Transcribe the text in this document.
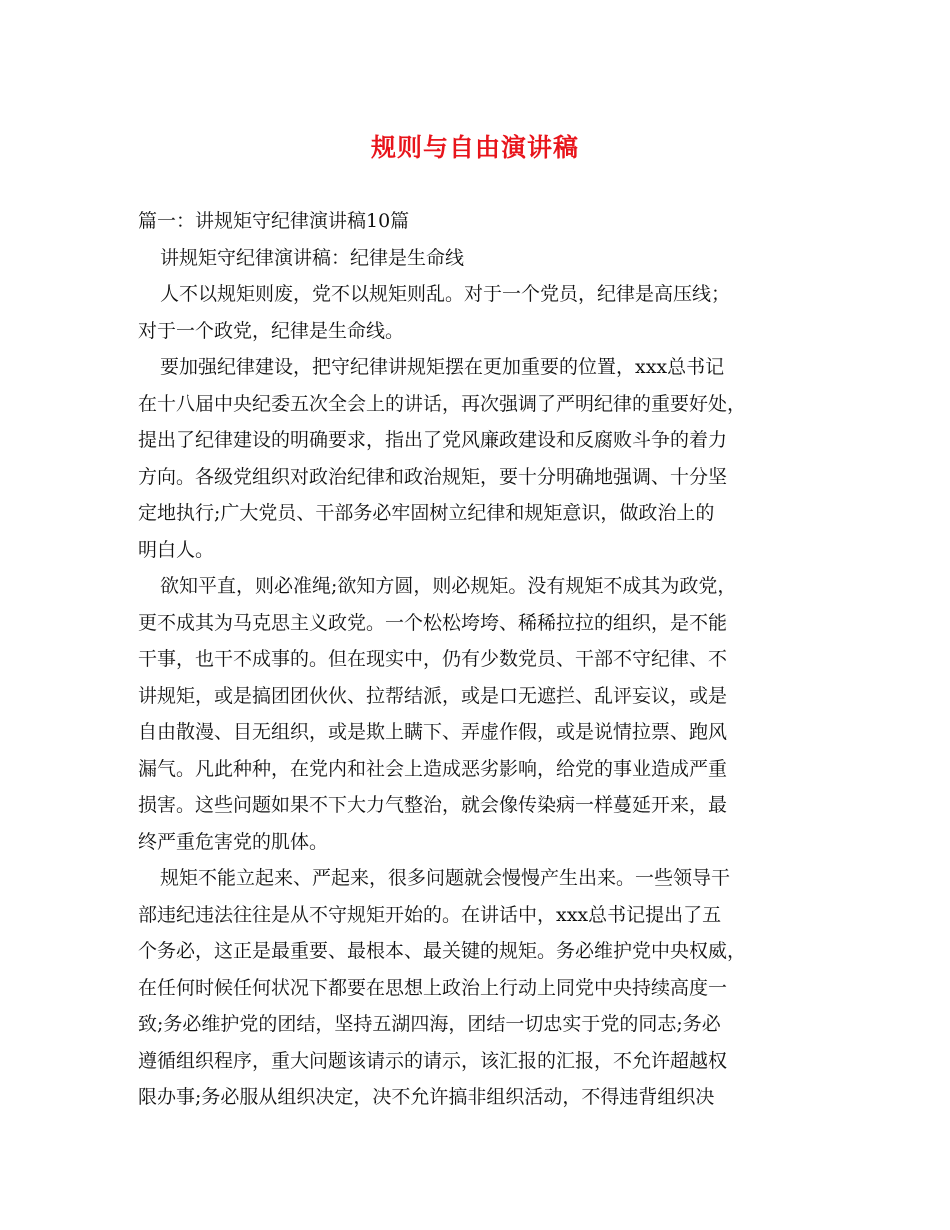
规则与自由演讲稿
篇一：讲规矩守纪律演讲稿10篇
讲规矩守纪律演讲稿：纪律是生命线
人不以规矩则废，党不以规矩则乱。对于一个党员，纪律是高压线；
对于一个政党，纪律是生命线。
要加强纪律建设，把守纪律讲规矩摆在更加重要的位置，xxx总书记
在十八届中央纪委五次全会上的讲话，再次强调了严明纪律的重要好处，
提出了纪律建设的明确要求，指出了党风廉政建设和反腐败斗争的着力
方向。各级党组织对政治纪律和政治规矩，要十分明确地强调、十分坚
定地执行;广大党员、干部务必牢固树立纪律和规矩意识，做政治上的
明白人。
欲知平直，则必准绳;欲知方圆，则必规矩。没有规矩不成其为政党，
更不成其为马克思主义政党。一个松松垮垮、稀稀拉拉的组织，是不能
干事，也干不成事的。但在现实中，仍有少数党员、干部不守纪律、不
讲规矩，或是搞团团伙伙、拉帮结派，或是口无遮拦、乱评妄议，或是
自由散漫、目无组织，或是欺上瞒下、弄虚作假，或是说情拉票、跑风
漏气。凡此种种，在党内和社会上造成恶劣影响，给党的事业造成严重
损害。这些问题如果不下大力气整治，就会像传染病一样蔓延开来，最
终严重危害党的肌体。
规矩不能立起来、严起来，很多问题就会慢慢产生出来。一些领导干
部违纪违法往往是从不守规矩开始的。在讲话中，xxx总书记提出了五
个务必，这正是最重要、最根本、最关键的规矩。务必维护党中央权威，
在任何时候任何状况下都要在思想上政治上行动上同党中央持续高度一
致;务必维护党的团结，坚持五湖四海，团结一切忠实于党的同志;务必
遵循组织程序，重大问题该请示的请示，该汇报的汇报，不允许超越权
限办事;务必服从组织决定，决不允许搞非组织活动，不得违背组织决
